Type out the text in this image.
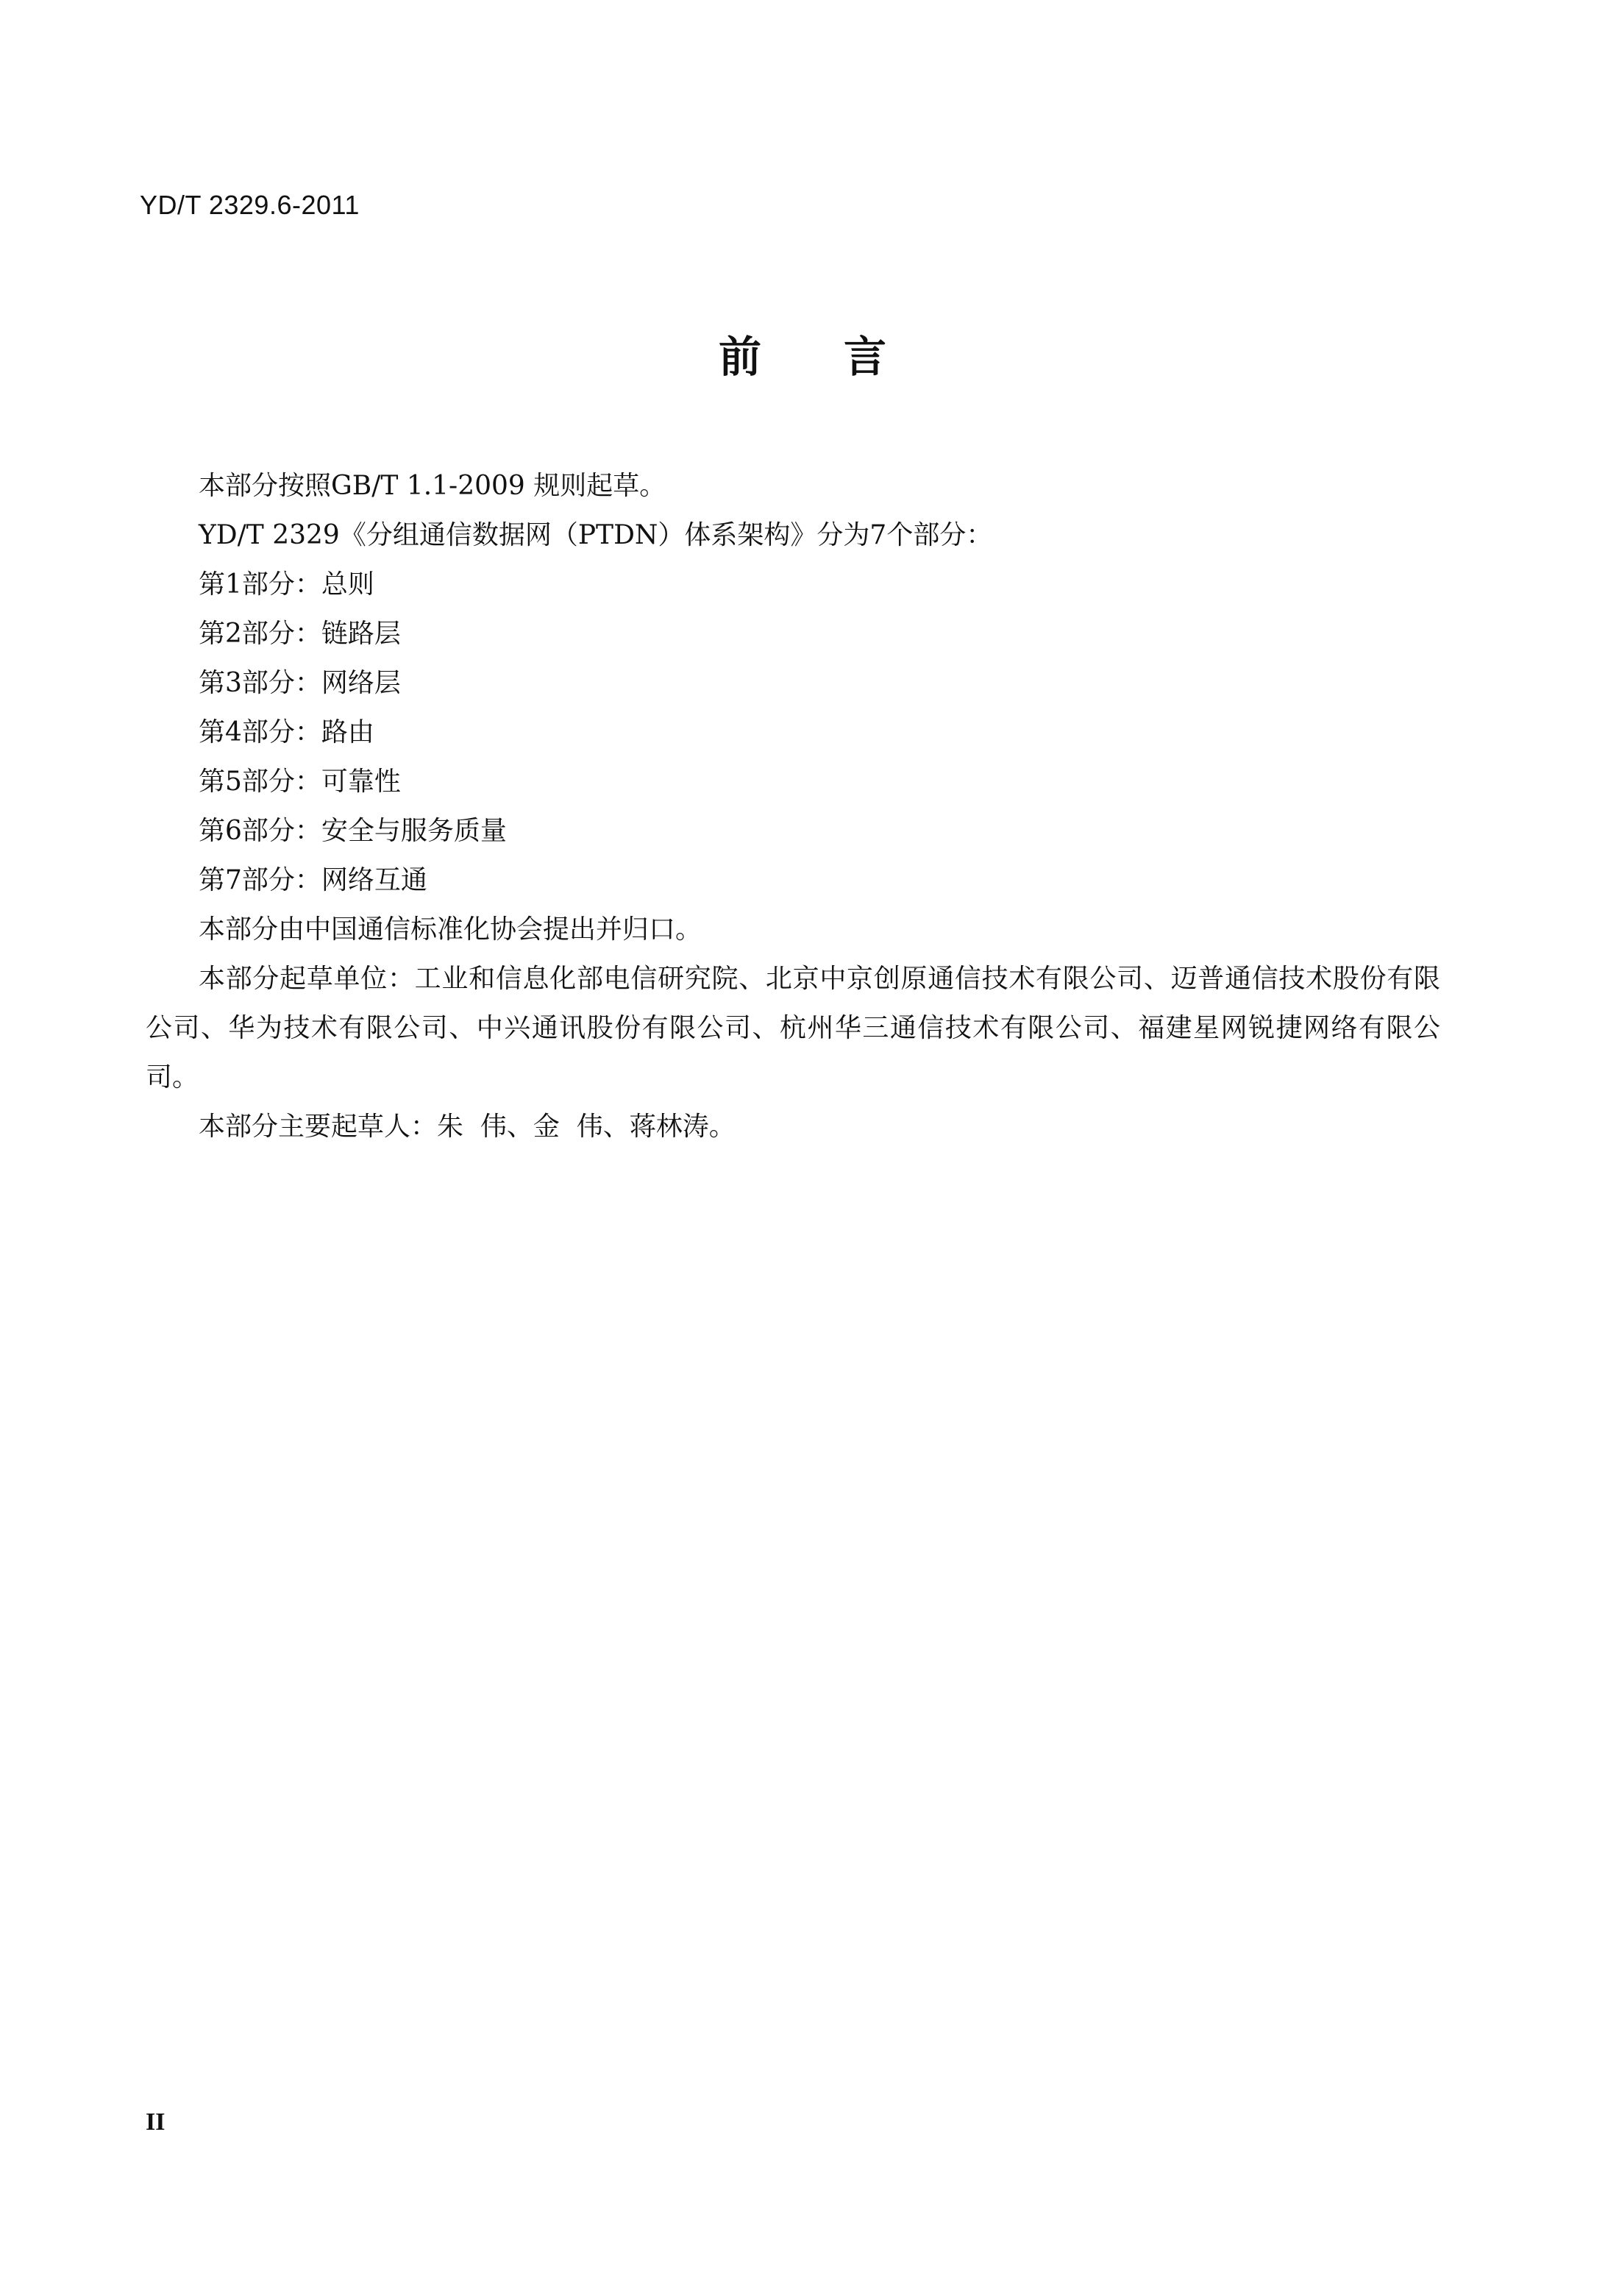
YD/T 2329.6-2011
前言

本部分按照GB/T 1.1-2009 规则起草。

YD/T 2329《分组通信数据网（PTDN）体系架构》分为7个部分：

第1部分：总则

第2部分：链路层

第3部分：网络层

第4部分：路由

第5部分：可靠性

第6部分：安全与服务质量

第7部分：网络互通

本部分由中国通信标准化协会提出并归口。

本部分起草单位：工业和信息化部电信研究院、北京中京创原通信技术有限公司、迈普通信技术股份有限公司、华为技术有限公司、中兴通讯股份有限公司、杭州华三通信技术有限公司、福建星网锐捷网络有限公司。

本部分主要起草人：朱  伟、金  伟、蒋林涛。

II
